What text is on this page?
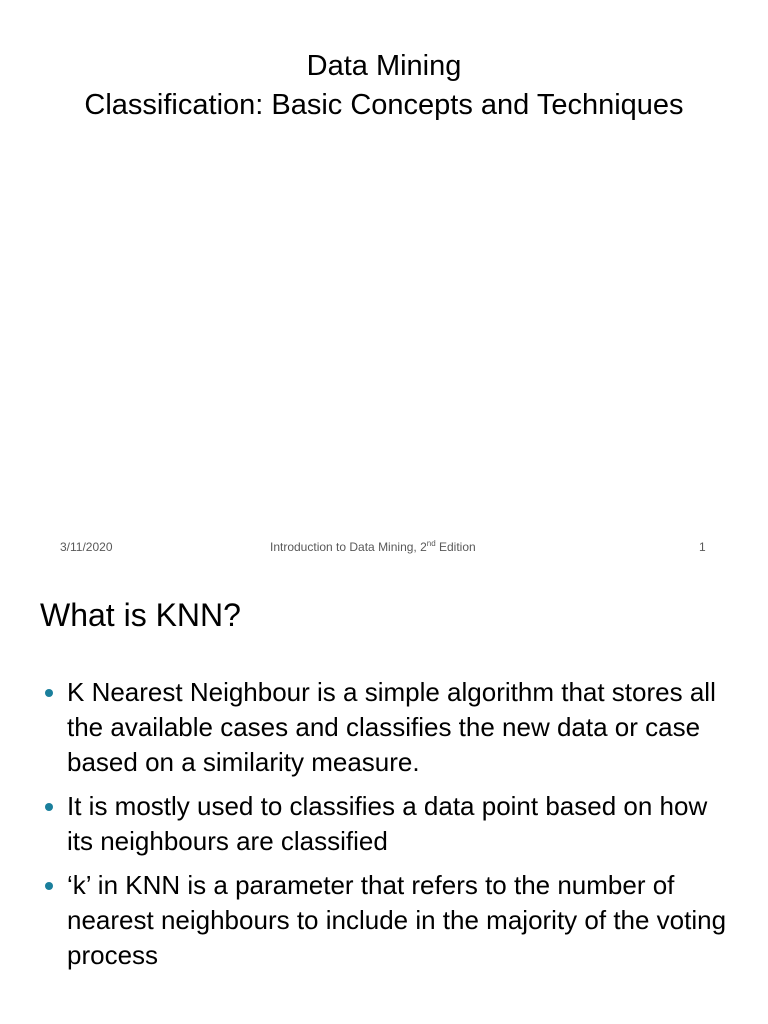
Data Mining
Classification: Basic Concepts and Techniques
3/11/2020	Introduction to Data Mining, 2nd Edition	1
What is KNN?
K Nearest Neighbour is a simple algorithm that stores all the available cases and classifies the new data or case based on a similarity measure.
It is mostly used to classifies a data point based on how its neighbours are classified
‘k’ in KNN is a parameter that refers to the number of nearest neighbours to include in the majority of the voting process
